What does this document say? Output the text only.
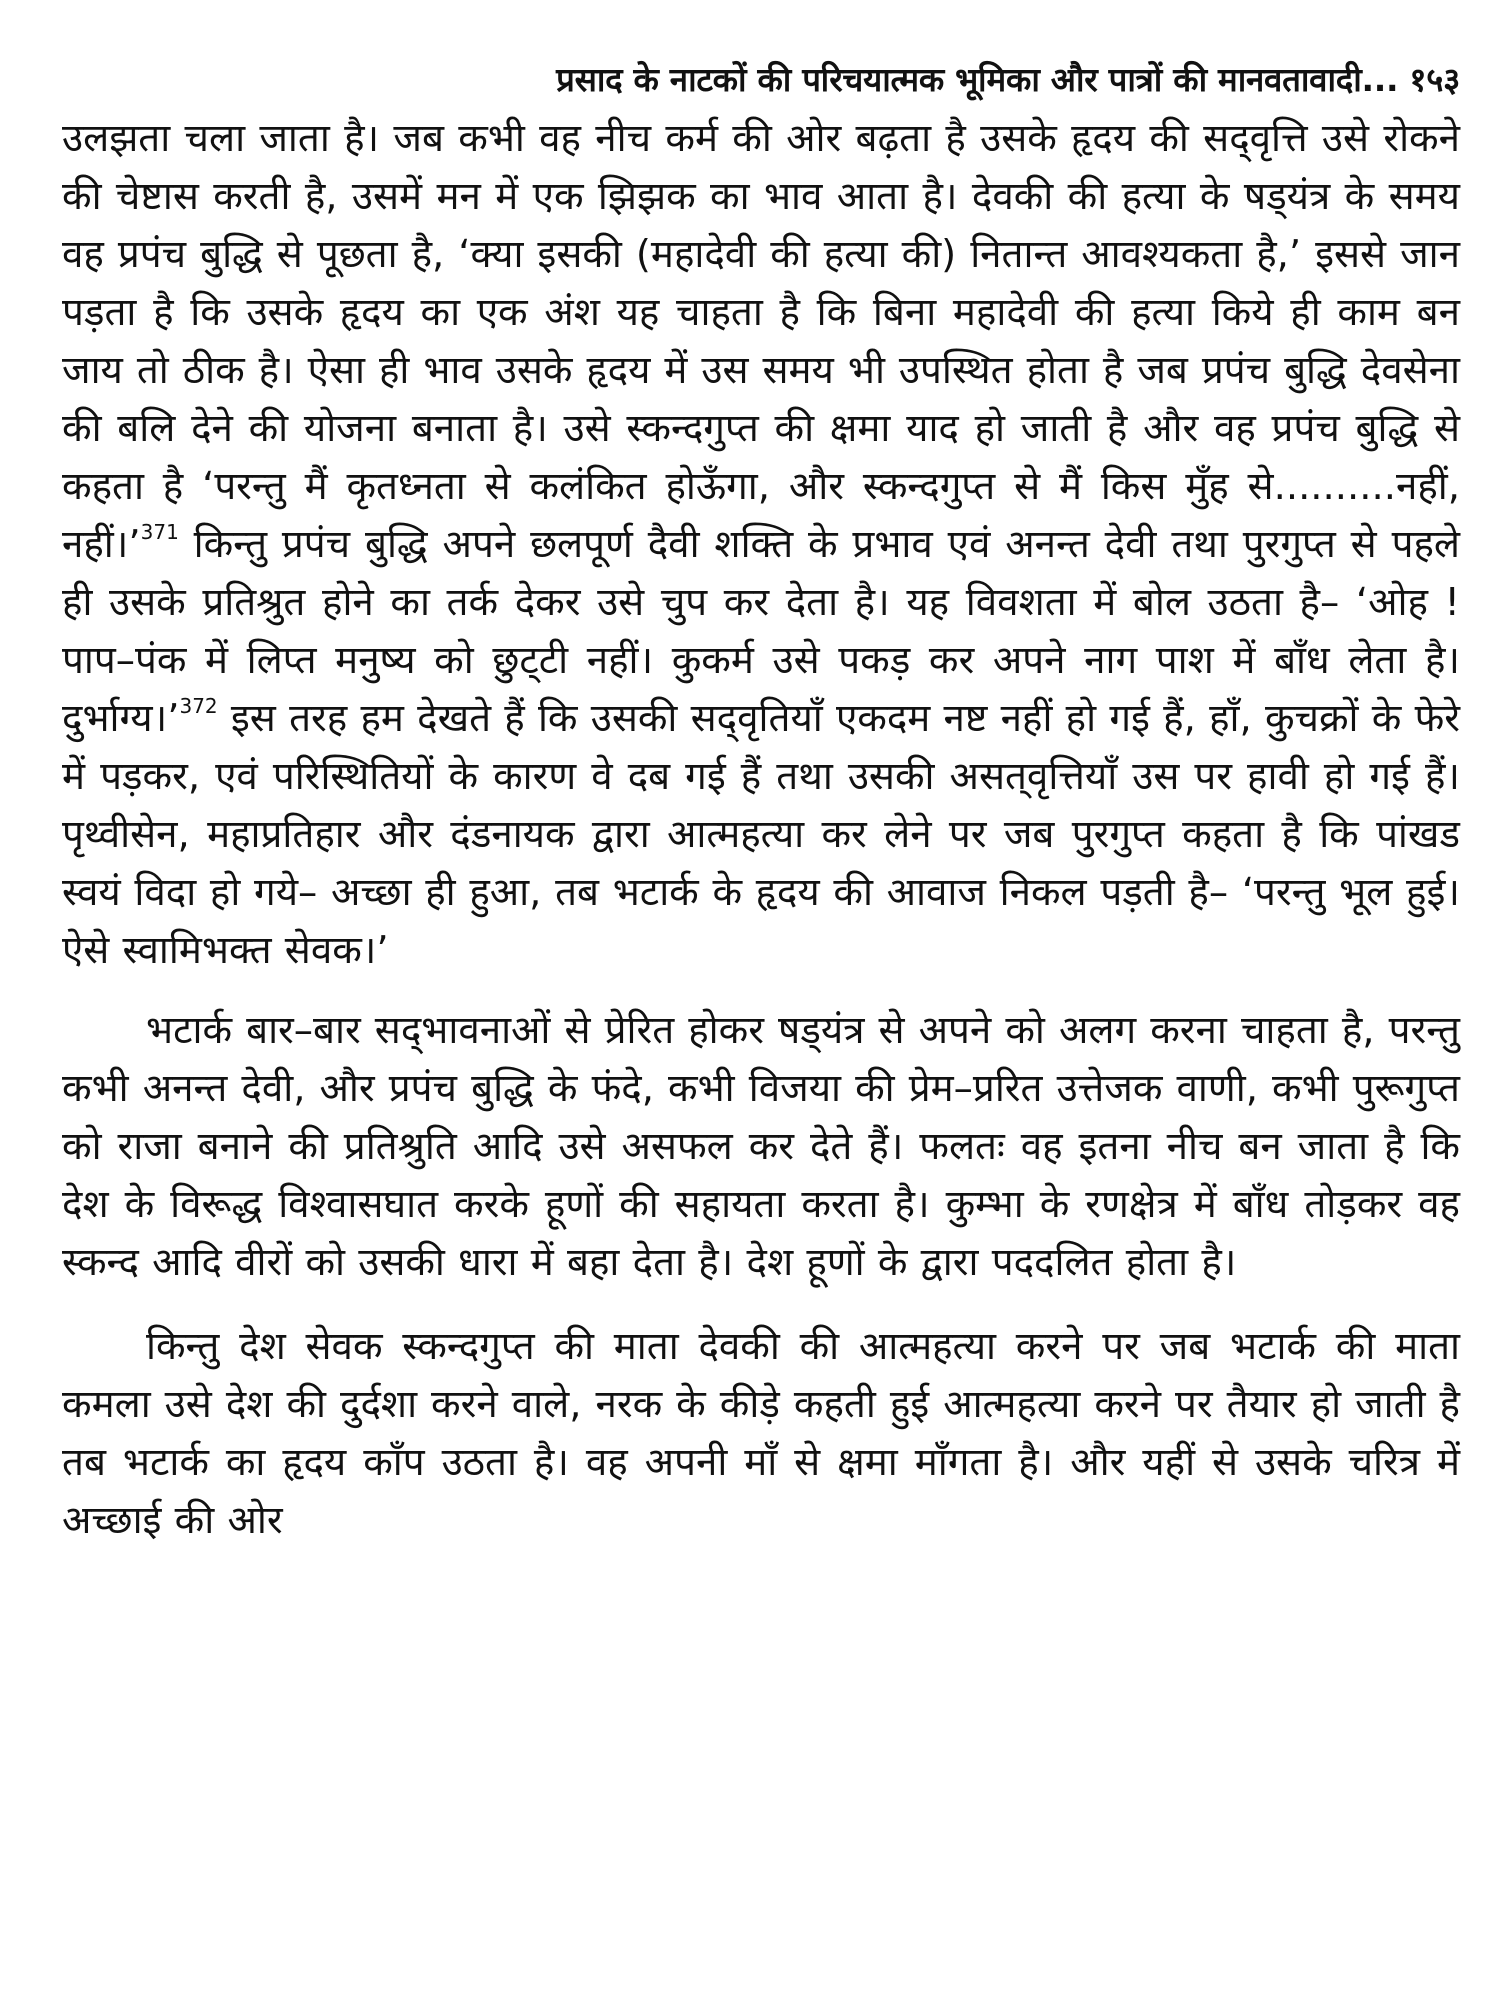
प्रसाद के नाटकों की परिचयात्मक भूमिका और पात्रों की मानवतावादी... १५३

उलझता चला जाता है। जब कभी वह नीच कर्म की ओर बढ़ता है उसके हृदय की सद्‌वृत्ति उसे रोकने की चेष्टास करती है, उसमें मन में एक झिझक का भाव आता है। देवकी की हत्या के षड्‌यंत्र के समय वह प्रपंच बुद्धि से पूछता है, ‘क्या इसकी (महादेवी की हत्या की) नितान्त आवश्यकता है,’ इससे जान पड़ता है कि उसके हृदय का एक अंश यह चाहता है कि बिना महादेवी की हत्या किये ही काम बन जाय तो ठीक है। ऐसा ही भाव उसके हृदय में उस समय भी उपस्थित होता है जब प्रपंच बुद्धि देवसेना की बलि देने की योजना बनाता है। उसे स्कन्दगुप्त की क्षमा याद हो जाती है और वह प्रपंच बुद्धि से कहता है ‘परन्तु मैं कृतध्नता से कलंकित होऊँगा, और स्कन्दगुप्त से मैं किस मुँह से..........नहीं, नहीं।’$^{371}$ किन्तु प्रपंच बुद्धि अपने छलपूर्ण दैवी शक्ति के प्रभाव एवं अनन्त देवी तथा पुरगुप्त से पहले ही उसके प्रतिश्रुत होने का तर्क देकर उसे चुप कर देता है। यह विवशता में बोल उठता है– ‘ओह ! पाप–पंक में लिप्त मनुष्य को छुट्‌टी नहीं। कुकर्म उसे पकड़ कर अपने नाग पाश में बाँध लेता है। दुर्भाग्य।’$^{372}$ इस तरह हम देखते हैं कि उसकी सद्‌वृतियाँ एकदम नष्ट नहीं हो गई हैं, हाँ, कुचक्रों के फेरे में पड़कर, एवं परिस्थितियों के कारण वे दब गई हैं तथा उसकी असत्‌वृत्तियाँ उस पर हावी हो गई हैं। पृथ्वीसेन, महाप्रतिहार और दंडनायक द्वारा आत्महत्या कर लेने पर जब पुरगुप्त कहता है कि पांखड स्वयं विदा हो गये– अच्छा ही हुआ, तब भटार्क के हृदय की आवाज निकल पड़ती है– ‘परन्तु भूल हुई। ऐसे स्वामिभक्त सेवक।’

भटार्क बार–बार सद्‌भावनाओं से प्रेरित होकर षड्‌यंत्र से अपने को अलग करना चाहता है, परन्तु कभी अनन्त देवी, और प्रपंच बुद्धि के फंदे, कभी विजया की प्रेम–प्ररित उत्तेजक वाणी, कभी पुरूगुप्त को राजा बनाने की प्रतिश्रुति आदि उसे असफल कर देते हैं। फलतः वह इतना नीच बन जाता है कि देश के विरूद्ध विश्वासघात करके हूणों की सहायता करता है। कुम्भा के रणक्षेत्र में बाँध तोड़कर वह स्कन्द आदि वीरों को उसकी धारा में बहा देता है। देश हूणों के द्वारा पददलित होता है।

किन्तु देश सेवक स्कन्दगुप्त की माता देवकी की आत्महत्या करने पर जब भटार्क की माता कमला उसे देश की दुर्दशा करने वाले, नरक के कीड़े कहती हुई आत्महत्या करने पर तैयार हो जाती है तब भटार्क का हृदय काँप उठता है। वह अपनी माँ से क्षमा माँगता है। और यहीं से उसके चरित्र में अच्छाई की ओर
